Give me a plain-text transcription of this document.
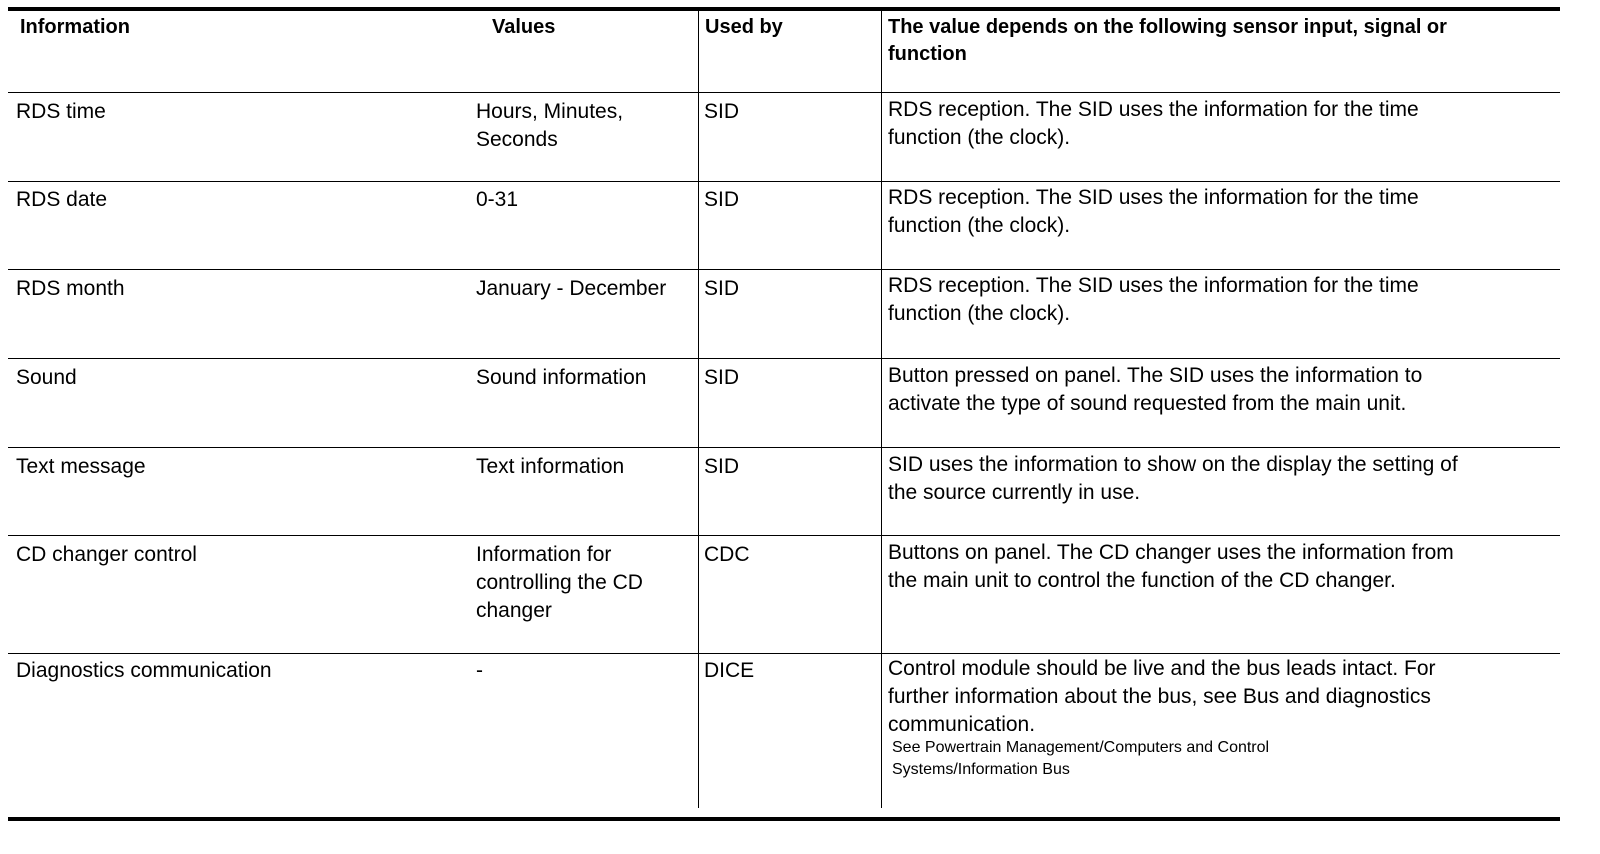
Information	Values	Used by	The value depends on the following sensor input, signal or
function
RDS time	Hours, Minutes,
Seconds
SID	RDS reception. The SID uses the information for the time
function (the clock).
RDS date	0-31	SID	RDS reception. The SID uses the information for the time
function (the clock).
RDS month	January - December SID	RDS reception. The SID uses the information for the time
function (the clock).
Sound	Sound information	SID	Button pressed on panel. The SID uses the information to
activate the type of sound requested from the main unit.
Text message	Text information	SID	SID uses the information to show on the display the setting of
the source currently in use.
CD changer control	Information for
controlling the CD
changer
CDC	Buttons on panel. The CD changer uses the information from
the main unit to control the function of the CD changer.
Diagnostics communication	-	DICE	Control module should be live and the bus leads intact. For
further information about the bus, see Bus and diagnostics
communication.
See Powertrain Management/Computers and Control
Systems/Information Bus
